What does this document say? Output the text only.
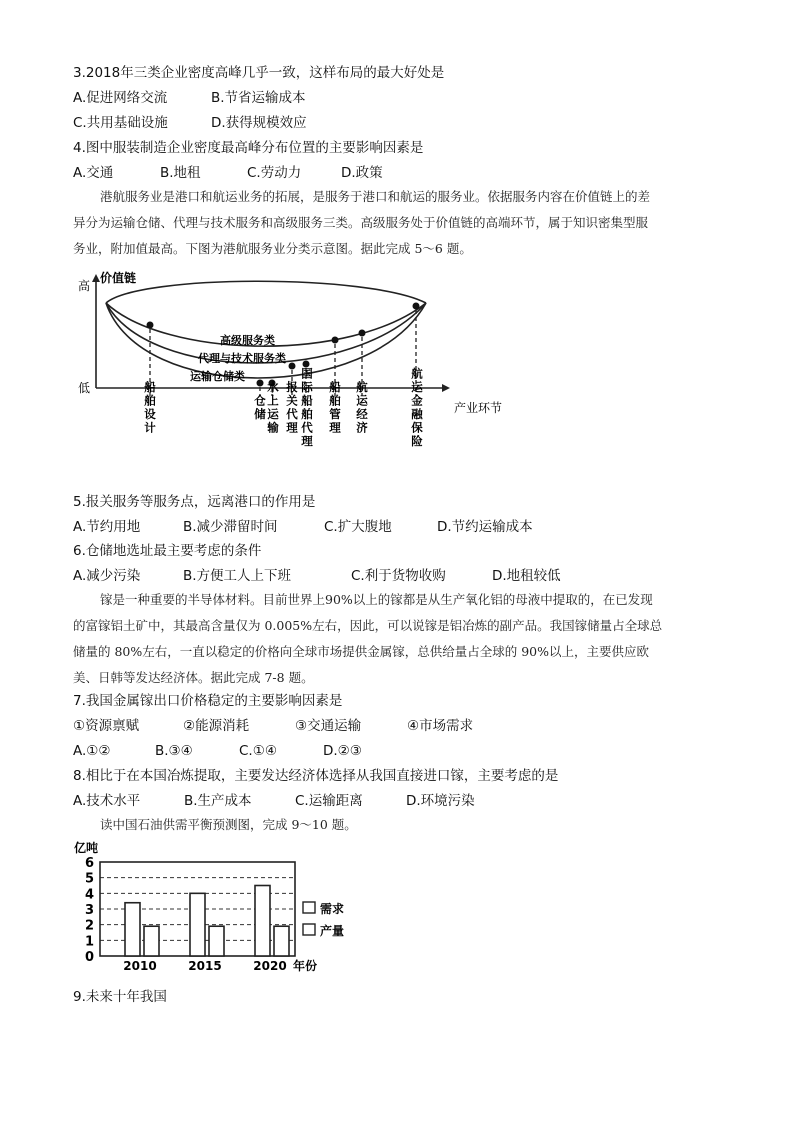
3.2018年三类企业密度高峰几乎一致，这样布局的最大好处是
A.促进网络交流	B.节省运输成本
C.共用基础设施	D.获得规模效应
4.图中服装制造企业密度最高峰分布位置的主要影响因素是
A.交通	B.地租	C.劳动力	D.政策
港航服务业是港口和航运业务的拓展，是服务于港口和航运的服务业。依据服务内容在价值链上的差
异分为运输仓储、代理与技术服务和高级服务三类。高级服务处于价值链的高端环节，属于知识密集型服
务业，附加值最高。下图为港航服务业分类示意图。据此完成 5～6 题。
高
低
价值链
产业环节
高级服务类
代理与技术服务类
运输仓储类
船舶设计	仓储 水上运输 报关代理 国际船舶代理 船舶管理 航运经济	航运金融保险
5.报关服务等服务点，远离港口的作用是
A.节约用地	B.减少滞留时间	C.扩大腹地	D.节约运输成本
6.仓储地选址最主要考虑的条件
A.减少污染	B.方便工人上下班	C.利于货物收购	D.地租较低
镓是一种重要的半导体材料。目前世界上90%以上的镓都是从生产氧化铝的母液中提取的，在已发现
的富镓铝土矿中，其最高含量仅为 0.005%左右，因此，可以说镓是铝冶炼的副产品。我国镓储量占全球总
储量的 80%左右，一直以稳定的价格向全球市场提供金属镓，总供给量占全球的 90%以上，主要供应欧
美、日韩等发达经济体。据此完成 7-8 题。
7.我国金属镓出口价格稳定的主要影响因素是
①资源禀赋	②能源消耗	③交通运输	④市场需求
A.①②	B.③④	C.①④	D.②③
8.相比于在本国冶炼提取，主要发达经济体选择从我国直接进口镓，主要考虑的是
A.技术水平	B.生产成本	C.运输距离	D.环境污染
读中国石油供需平衡预测图，完成 9～10 题。
0
1
2
3
4
5
6
亿吨
2010	2015	2020 年份
需求
产量
9.未来十年我国
